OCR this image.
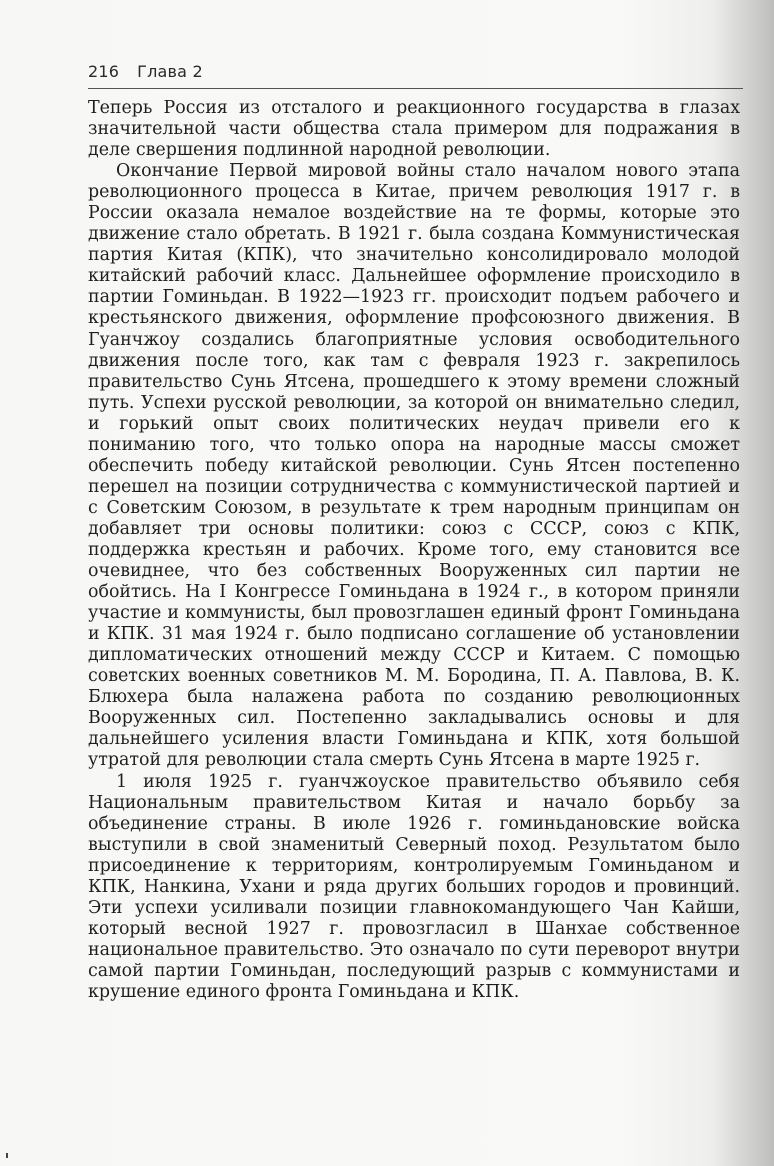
216 Глава 2

Теперь Россия из отсталого и реакционного государства в глазах значительной части общества стала примером для подражания в деле свершения подлинной народной революции.

Окончание Первой мировой войны стало началом нового этапа революционного процесса в Китае, причем революция 1917 г. в России оказала немалое воздействие на те формы, которые это движение стало обретать. В 1921 г. была создана Коммунистическая партия Китая (КПК), что значительно консолидировало молодой китайский рабочий класс. Дальнейшее оформление происходило в партии Гоминьдан. В 1922—1923 гг. происходит подъем рабочего и крестьянского движения, оформление профсоюзного движения. В Гуанчжоу создались благоприятные условия освободительного движения после того, как там с февраля 1923 г. закрепилось правительство Сунь Ятсена, прошедшего к этому времени сложный путь. Успехи русской революции, за которой он внимательно следил, и горький опыт своих политических неудач привели его к пониманию того, что только опора на народные массы сможет обеспечить победу китайской революции. Сунь Ятсен постепенно перешел на позиции сотрудничества с коммунистической партией и с Советским Союзом, в результате к трем народным принципам он добавляет три основы политики: союз с СССР, союз с КПК, поддержка крестьян и рабочих. Кроме того, ему становится все очевиднее, что без собственных Вооруженных сил партии не обойтись. На I Конгрессе Гоминьдана в 1924 г., в котором приняли участие и коммунисты, был провозглашен единый фронт Гоминьдана и КПК. 31 мая 1924 г. было подписано соглашение об установлении дипломатических отношений между СССР и Китаем. С помощью советских военных советников М. М. Бородина, П. А. Павлова, В. К. Блюхера была налажена работа по созданию революционных Вооруженных сил. Постепенно закладывались основы и для дальнейшего усиления власти Гоминьдана и КПК, хотя большой утратой для революции стала смерть Сунь Ятсена в марте 1925 г.

1 июля 1925 г. гуанчжоуское правительство объявило себя Национальным правительством Китая и начало борьбу за объединение страны. В июле 1926 г. гоминьдановские войска выступили в свой знаменитый Северный поход. Результатом было присоединение к территориям, контролируемым Гоминьданом и КПК, Нанкина, Ухани и ряда других больших городов и провинций. Эти успехи усиливали позиции главнокомандующего Чан Кайши, который весной 1927 г. провозгласил в Шанхае собственное национальное правительство. Это означало по сути переворот внутри самой партии Гоминьдан, последующий разрыв с коммунистами и крушение единого фронта Гоминьдана и КПК.
